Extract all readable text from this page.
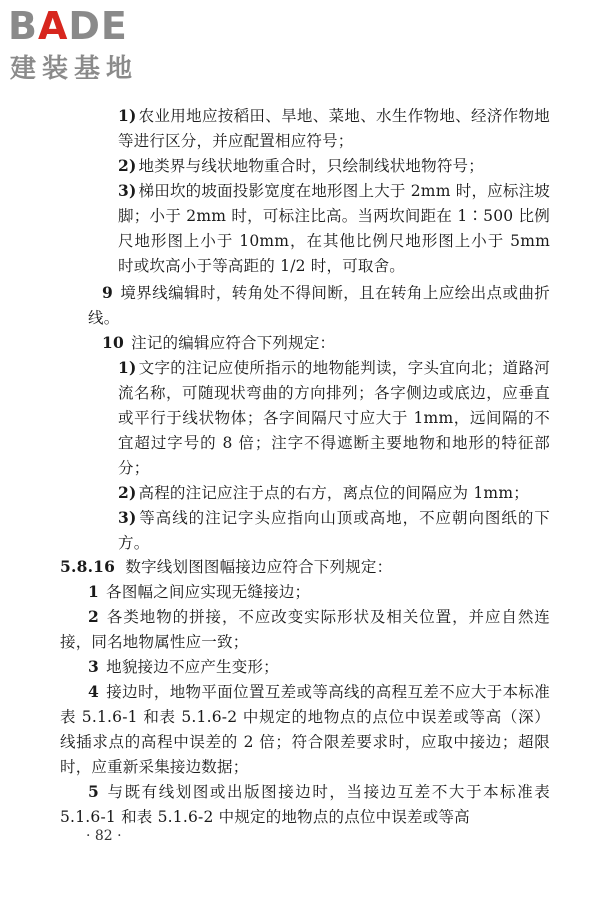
BADE
建装基地
1) 农业用地应按稻田、旱地、菜地、水生作物地、经济作物地等进行区分，并应配置相应符号；
2) 地类界与线状地物重合时，只绘制线状地物符号；
3) 梯田坎的坡面投影宽度在地形图上大于 2mm 时，应标注坡脚；小于 2mm 时，可标注比高。当两坎间距在 1∶500 比例尺地形图上小于 10mm，在其他比例尺地形图上小于 5mm 时或坎高小于等高距的 1/2 时，可取舍。
9 境界线编辑时，转角处不得间断，且在转角上应绘出点或曲折线。
10 注记的编辑应符合下列规定：
1) 文字的注记应使所指示的地物能判读，字头宜向北；道路河流名称，可随现状弯曲的方向排列；各字侧边或底边，应垂直或平行于线状物体；各字间隔尺寸应大于 1mm，远间隔的不宜超过字号的 8 倍；注字不得遮断主要地物和地形的特征部分；
2) 高程的注记应注于点的右方，离点位的间隔应为 1mm；
3) 等高线的注记字头应指向山顶或高地，不应朝向图纸的下方。
5.8.16 数字线划图图幅接边应符合下列规定：
1 各图幅之间应实现无缝接边；
2 各类地物的拼接，不应改变实际形状及相关位置，并应自然连接，同名地物属性应一致；
3 地貌接边不应产生变形；
4 接边时，地物平面位置互差或等高线的高程互差不应大于本标准表 5.1.6-1 和表 5.1.6-2 中规定的地物点的点位中误差或等高（深）线插求点的高程中误差的 2 倍；符合限差要求时，应取中接边；超限时，应重新采集接边数据；
5 与既有线划图或出版图接边时，当接边互差不大于本标准表 5.1.6-1 和表 5.1.6-2 中规定的地物点的点位中误差或等高
· 82 ·
